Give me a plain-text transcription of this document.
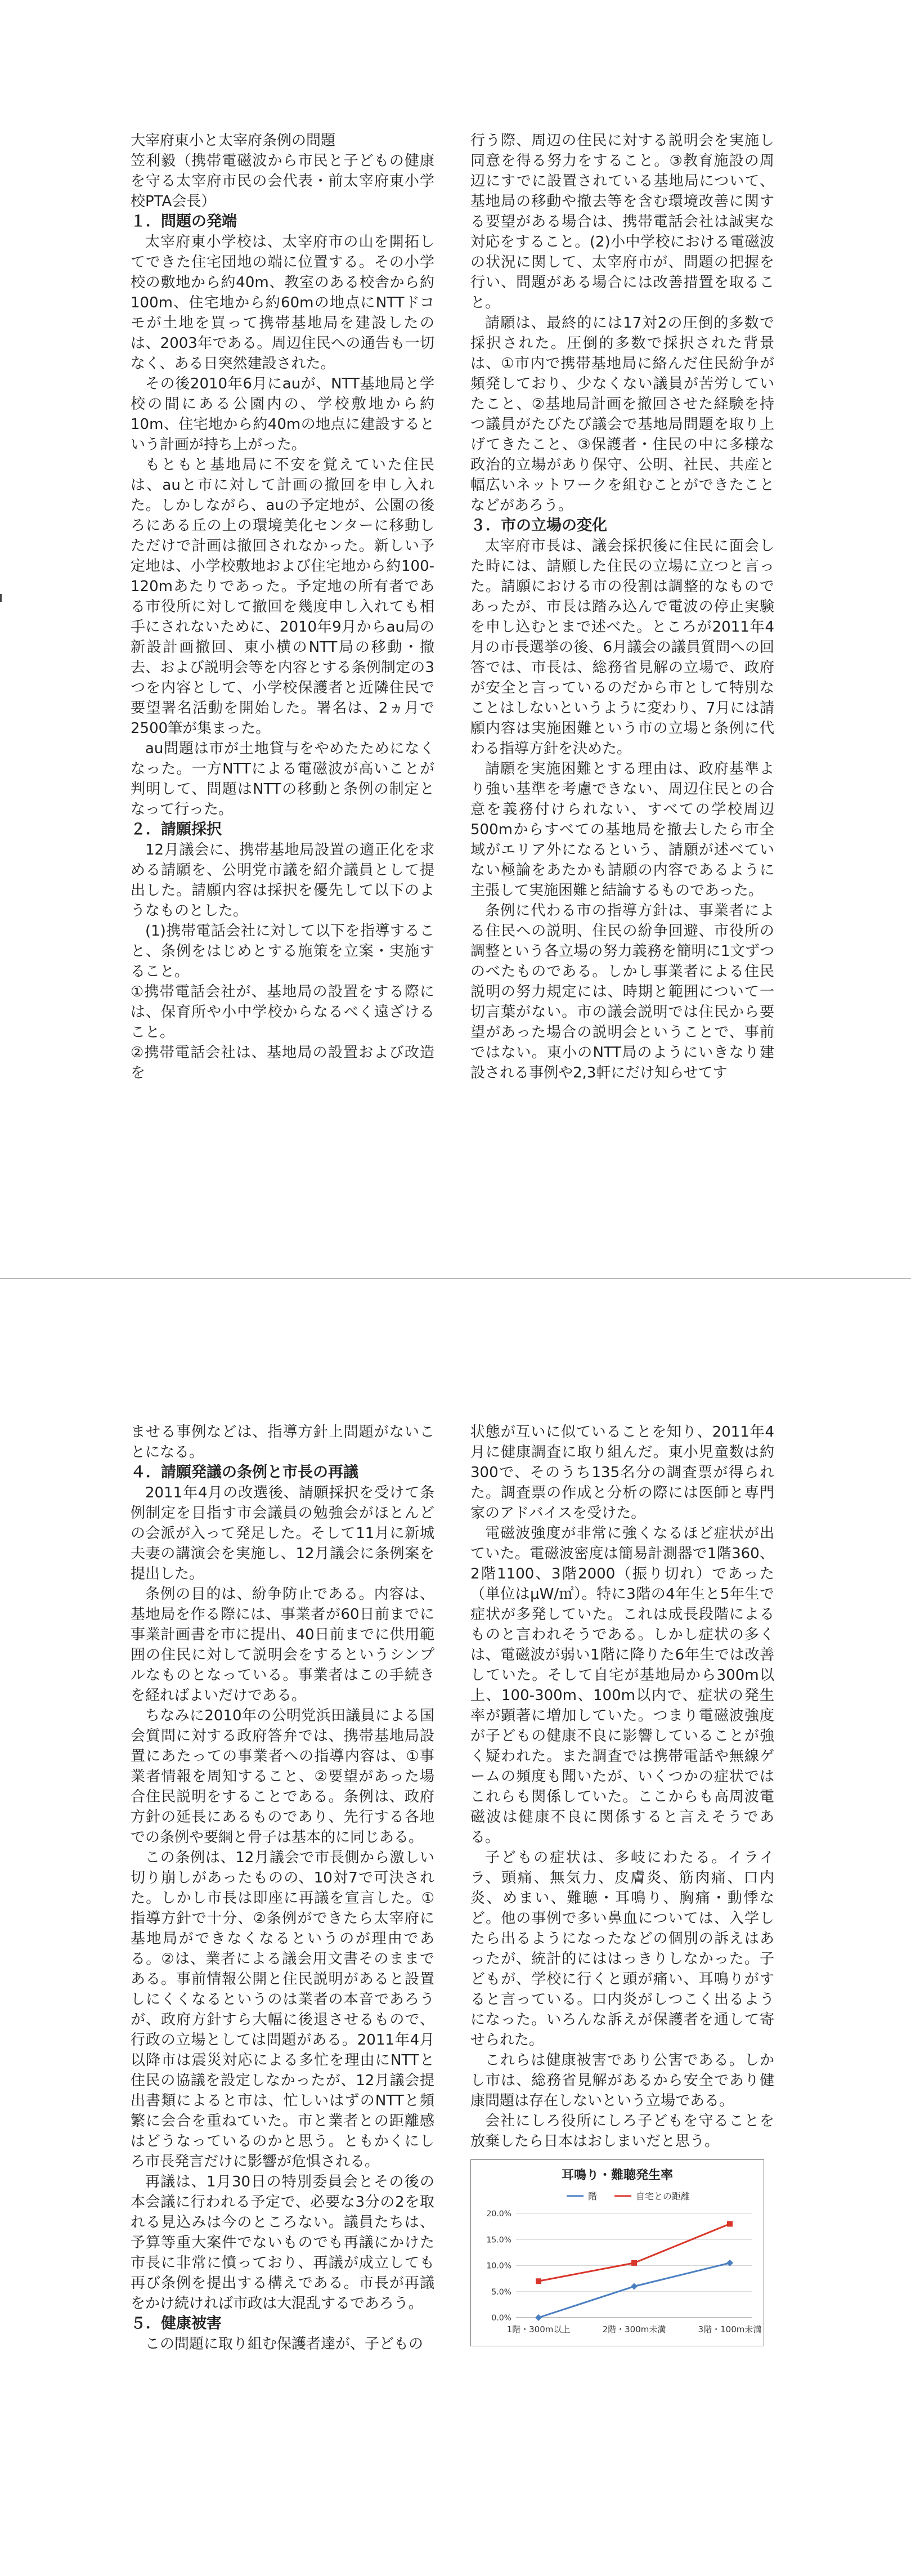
大宰府東小と太宰府条例の問題

笠利毅（携帯電磁波から市民と子どもの健康を守る太宰府市民の会代表・前太宰府東小学校PTA会長）

１．問題の発端

太宰府東小学校は、太宰府市の山を開拓してできた住宅団地の端に位置する。その小学校の敷地から約40m、教室のある校舎から約100m、住宅地から約60mの地点にNTTドコモが土地を買って携帯基地局を建設したのは、2003年である。周辺住民への通告も一切なく、ある日突然建設された。

その後2010年6月にauが、NTT基地局と学校の間にある公園内の、学校敷地から約10m、住宅地から約40mの地点に建設するという計画が持ち上がった。

もともと基地局に不安を覚えていた住民は、auと市に対して計画の撤回を申し入れた。しかしながら、auの予定地が、公園の後ろにある丘の上の環境美化センターに移動しただけで計画は撤回されなかった。新しい予定地は、小学校敷地および住宅地から約100-120mあたりであった。予定地の所有者である市役所に対して撤回を幾度申し入れても相手にされないために、2010年9月からau局の新設計画撤回、東小横のNTT局の移動・撤去、および説明会等を内容とする条例制定の3つを内容として、小学校保護者と近隣住民で要望署名活動を開始した。署名は、2ヵ月で2500筆が集まった。

au問題は市が土地貸与をやめたためになくなった。一方NTTによる電磁波が高いことが判明して、問題はNTTの移動と条例の制定となって行った。

２．請願採択

12月議会に、携帯基地局設置の適正化を求める請願を、公明党市議を紹介議員として提出した。請願内容は採択を優先して以下のようなものとした。

(1)携帯電話会社に対して以下を指導すること、条例をはじめとする施策を立案・実施すること。

①携帯電話会社が、基地局の設置をする際には、保育所や小中学校からなるべく遠ざけること。

②携帯電話会社は、基地局の設置および改造を

行う際、周辺の住民に対する説明会を実施し同意を得る努力をすること。③教育施設の周辺にすでに設置されている基地局について、基地局の移動や撤去等を含む環境改善に関する要望がある場合は、携帯電話会社は誠実な対応をすること。(2)小中学校における電磁波の状況に関して、太宰府市が、問題の把握を行い、問題がある場合には改善措置を取ること。

請願は、最終的には17対2の圧倒的多数で採択された。圧倒的多数で採択された背景は、①市内で携帯基地局に絡んだ住民紛争が頻発しており、少なくない議員が苦労していたこと、②基地局計画を撤回させた経験を持つ議員がたびたび議会で基地局問題を取り上げてきたこと、③保護者・住民の中に多様な政治的立場があり保守、公明、社民、共産と幅広いネットワークを組むことができたことなどがあろう。

３．市の立場の変化

太宰府市長は、議会採択後に住民に面会した時には、請願した住民の立場に立つと言った。請願における市の役割は調整的なものであったが、市長は踏み込んで電波の停止実験を申し込むとまで述べた。ところが2011年4月の市長選挙の後、6月議会の議員質問への回答では、市長は、総務省見解の立場で、政府が安全と言っているのだから市として特別なことはしないというように変わり、7月には請願内容は実施困難という市の立場と条例に代わる指導方針を決めた。

請願を実施困難とする理由は、政府基準より強い基準を考慮できない、周辺住民との合意を義務付けられない、すべての学校周辺500mからすべての基地局を撤去したら市全域がエリア外になるという、請願が述べていない極論をあたかも請願の内容であるように主張して実施困難と結論するものであった。

条例に代わる市の指導方針は、事業者による住民への説明、住民の紛争回避、市役所の調整という各立場の努力義務を簡明に1文ずつのべたものである。しかし事業者による住民説明の努力規定には、時期と範囲について一切言葉がない。市の議会説明では住民から要望があった場合の説明会ということで、事前ではない。東小のNTT局のようにいきなり建設される事例や2,3軒にだけ知らせてす

ませる事例などは、指導方針上問題がないことになる。

４．請願発議の条例と市長の再議

2011年4月の改選後、請願採択を受けて条例制定を目指す市会議員の勉強会がほとんどの会派が入って発足した。そして11月に新城夫妻の講演会を実施し、12月議会に条例案を提出した。

条例の目的は、紛争防止である。内容は、基地局を作る際には、事業者が60日前までに事業計画書を市に提出、40日前までに供用範囲の住民に対して説明会をするというシンプルなものとなっている。事業者はこの手続きを経ればよいだけである。

ちなみに2010年の公明党浜田議員による国会質問に対する政府答弁では、携帯基地局設置にあたっての事業者への指導内容は、①事業者情報を周知すること、②要望があった場合住民説明をすることである。条例は、政府方針の延長にあるものであり、先行する各地での条例や要綱と骨子は基本的に同じある。

この条例は、12月議会で市長側から激しい切り崩しがあったものの、10対7で可決された。しかし市長は即座に再議を宣言した。①指導方針で十分、②条例ができたら太宰府に基地局ができなくなるというのが理由である。②は、業者による議会用文書そのままである。事前情報公開と住民説明があると設置しにくくなるというのは業者の本音であろうが、政府方針すら大幅に後退させるもので、行政の立場としては問題がある。2011年4月以降市は震災対応による多忙を理由にNTTと住民の協議を設定しなかったが、12月議会提出書類によると市は、忙しいはずのNTTと頻繁に会合を重ねていた。市と業者との距離感はどうなっているのかと思う。ともかくにしろ市長発言だけに影響が危惧される。

再議は、1月30日の特別委員会とその後の本会議に行われる予定で、必要な3分の2を取れる見込みは今のところない。議員たちは、予算等重大案件でないものでも再議にかけた市長に非常に憤っており、再議が成立しても再び条例を提出する構えである。市長が再議をかけ続ければ市政は大混乱するであろう。

５．健康被害

この問題に取り組む保護者達が、子どもの

状態が互いに似ていることを知り、2011年4月に健康調査に取り組んだ。東小児童数は約300で、そのうち135名分の調査票が得られた。調査票の作成と分析の際には医師と専門家のアドバイスを受けた。

電磁波強度が非常に強くなるほど症状が出ていた。電磁波密度は簡易計測器で1階360、2階1100、3階2000（振り切れ）であった（単位はμW/㎡）。特に3階の4年生と5年生で症状が多発していた。これは成長段階によるものと言われそうである。しかし症状の多くは、電磁波が弱い1階に降りた6年生では改善していた。そして自宅が基地局から300m以上、100-300m、100m以内で、症状の発生率が顕著に増加していた。つまり電磁波強度が子どもの健康不良に影響していることが強く疑われた。また調査では携帯電話や無線ゲームの頻度も聞いたが、いくつかの症状ではこれらも関係していた。ここからも高周波電磁波は健康不良に関係すると言えそうである。

子どもの症状は、多岐にわたる。イライラ、頭痛、無気力、皮膚炎、筋肉痛、口内炎、めまい、難聴・耳鳴り、胸痛・動悸など。他の事例で多い鼻血については、入学したら出るようになったなどの個別の訴えはあったが、統計的にははっきりしなかった。子どもが、学校に行くと頭が痛い、耳鳴りがすると言っている。口内炎がしつこく出るようになった。いろんな訴えが保護者を通して寄せられた。

これらは健康被害であり公害である。しかし市は、総務省見解があるから安全であり健康問題は存在しないという立場である。

会社にしろ役所にしろ子どもを守ることを放棄したら日本はおしまいだと思う。

耳鳴り・難聴発生率
階	自宅との距離
0.0%
5.0%
10.0%
15.0%
20.0%
1階・300m以上	2階・300m未満	3階・100m未満
